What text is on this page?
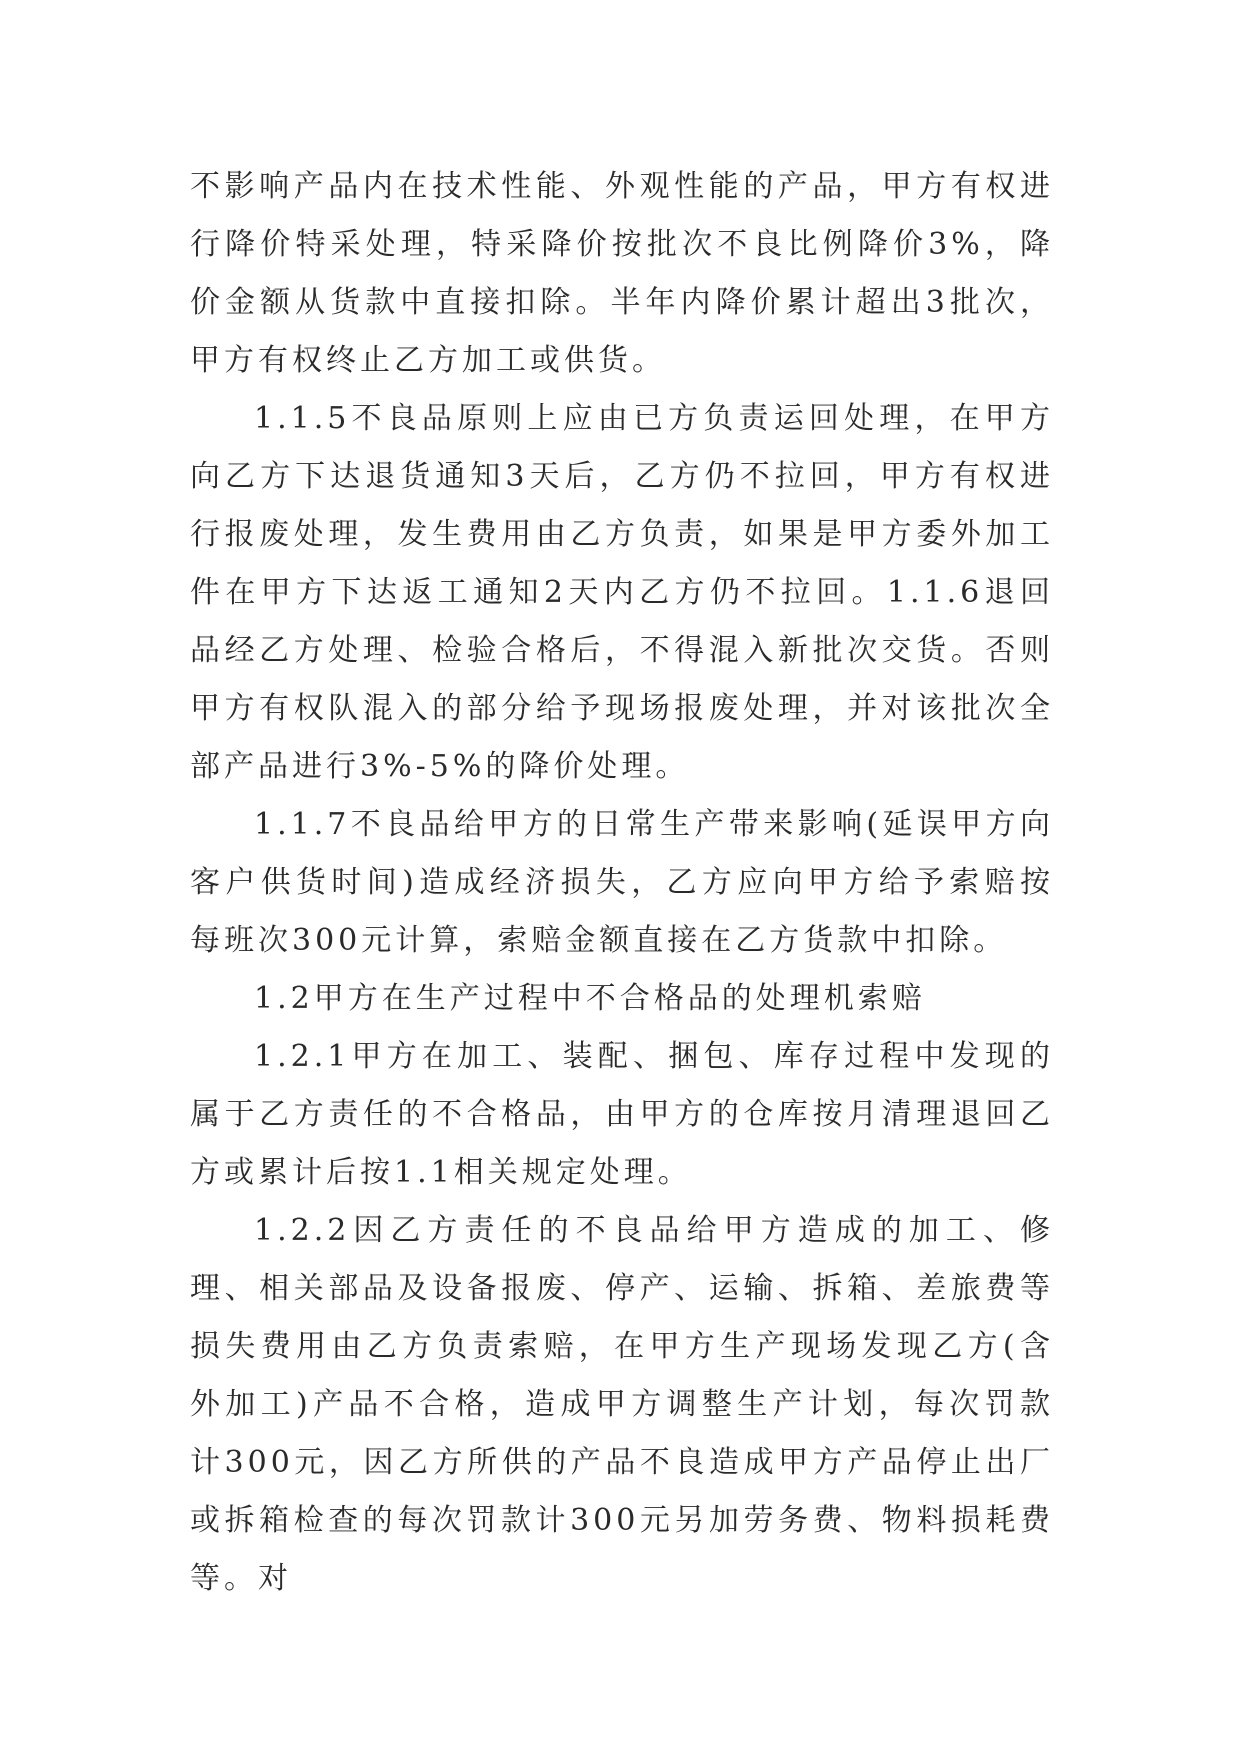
不影响产品内在技术性能、外观性能的产品，甲方有权进行降价特采处理，特采降价按批次不良比例降价3%，降价金额从货款中直接扣除。半年内降价累计超出3批次，甲方有权终止乙方加工或供货。

1.1.5不良品原则上应由已方负责运回处理，在甲方向乙方下达退货通知3天后，乙方仍不拉回，甲方有权进行报废处理，发生费用由乙方负责，如果是甲方委外加工件在甲方下达返工通知2天内乙方仍不拉回。1.1.6退回品经乙方处理、检验合格后，不得混入新批次交货。否则甲方有权队混入的部分给予现场报废处理，并对该批次全部产品进行3%-5%的降价处理。

1.1.7不良品给甲方的日常生产带来影响(延误甲方向客户供货时间)造成经济损失，乙方应向甲方给予索赔按每班次300元计算，索赔金额直接在乙方货款中扣除。

1.2甲方在生产过程中不合格品的处理机索赔

1.2.1甲方在加工、装配、捆包、库存过程中发现的属于乙方责任的不合格品，由甲方的仓库按月清理退回乙方或累计后按1.1相关规定处理。

1.2.2因乙方责任的不良品给甲方造成的加工、修理、相关部品及设备报废、停产、运输、拆箱、差旅费等损失费用由乙方负责索赔，在甲方生产现场发现乙方(含外加工)产品不合格，造成甲方调整生产计划，每次罚款计300元，因乙方所供的产品不良造成甲方产品停止出厂或拆箱检查的每次罚款计300元另加劳务费、物料损耗费等。对
